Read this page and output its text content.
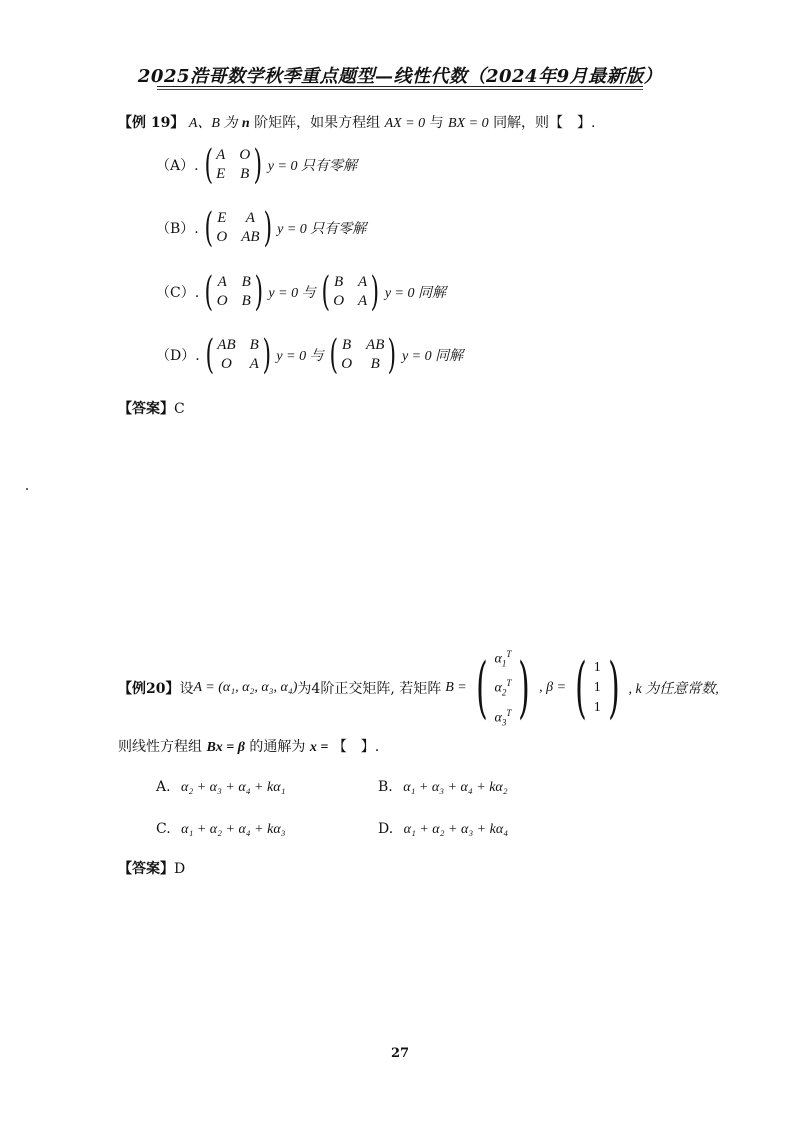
2025浩哥数学秋季重点题型—线性代数（2024年9月最新版）
【例 19】 A、B 为 n 阶矩阵，如果方程组 AX = 0 与 BX = 0 同解，则【　】.
（A）. ( A O
E B ) y = 0 只有零解
（B）. ( E	A
O AB ) y = 0 只有零解
（C）. ( A B
O B ) y = 0 与 ( B A
O A ) y = 0 同解
（D）. ( AB B
O A ) y = 0 与 ( B AB
O	B ) y = 0 同解
【答案】C
【例20】 设 A = (α₁, α₂, α₃, α₄) 为4阶正交矩阵, 若矩阵 B = ( $\alpha_1^T$
$\alpha_2^T$
$\alpha_3^T$ ) , β = ( 1
1
1 ) , k 为任意常数,
则线性方程组 Bx = β 的通解为 x = 【　】.
A. α₂ + α₃ + α₄ + kα₁	B. α₁ + α₃ + α₄ + kα₂
C. α₁ + α₂ + α₄ + kα₃	D. α₁ + α₂ + α₃ + kα₄
【答案】D
27
